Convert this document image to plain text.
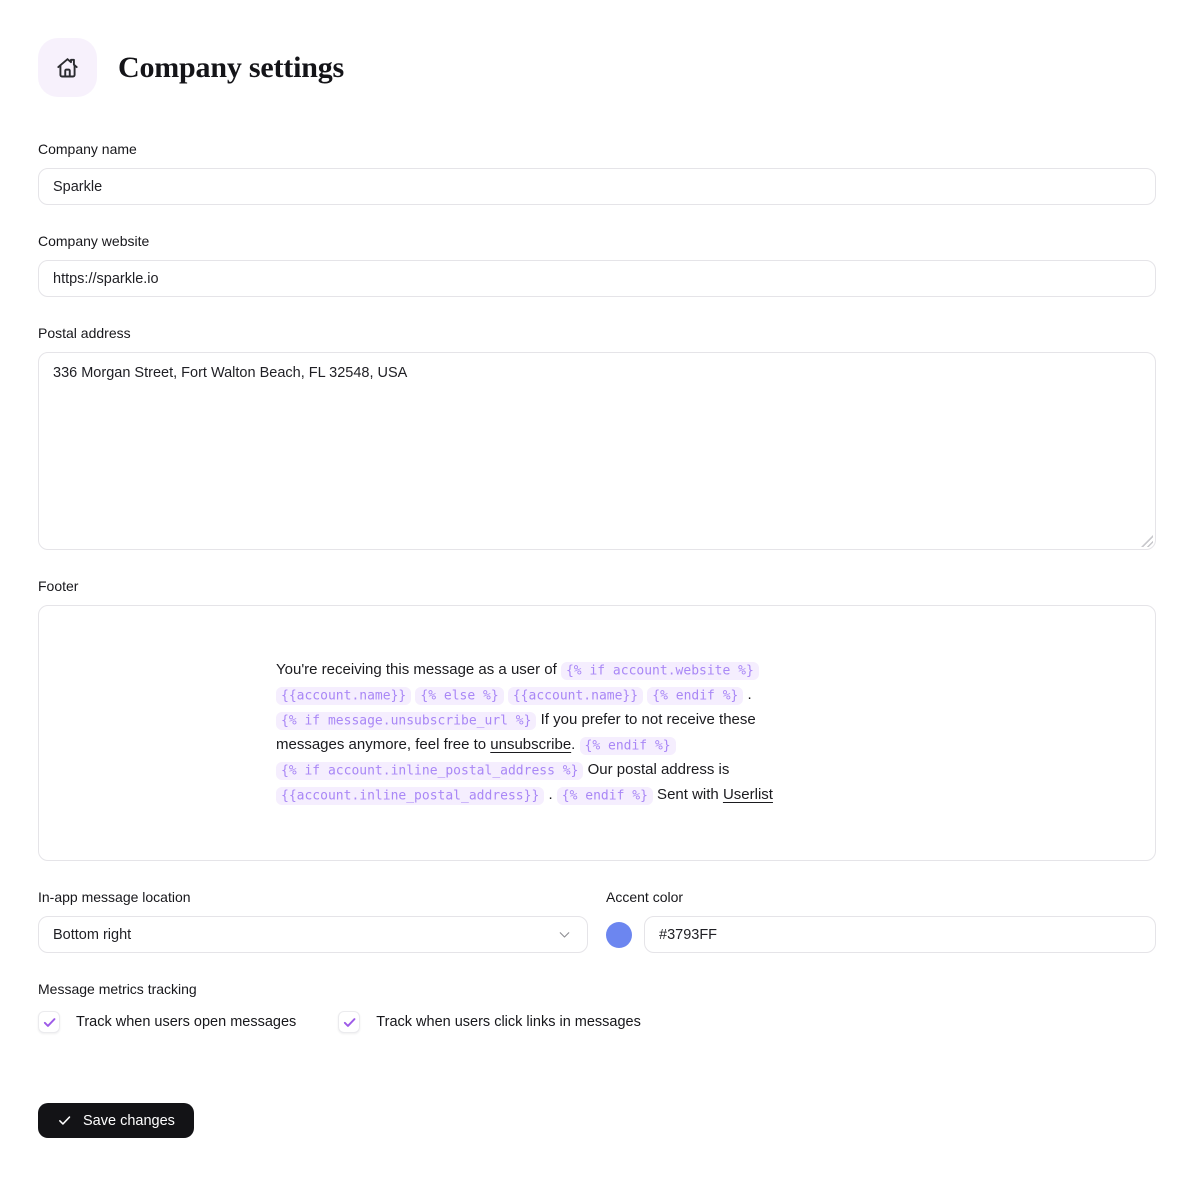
Company settings
Company name
Sparkle
Company website
https://sparkle.io
Postal address
336 Morgan Street, Fort Walton Beach, FL 32548, USA
Footer
You're receiving this message as a user of {% if account.website %}
{{account.name}} {% else %} {{account.name}} {% endif %} .
{% if message.unsubscribe_url %} If you prefer to not receive these
messages anymore, feel free to unsubscribe. {% endif %}
{% if account.inline_postal_address %} Our postal address is
{{account.inline_postal_address}} . {% endif %} Sent with Userlist
In-app message location
Bottom right
Accent color
#3793FF
Message metrics tracking
Track when users open messages	Track when users click links in messages
Save changes
